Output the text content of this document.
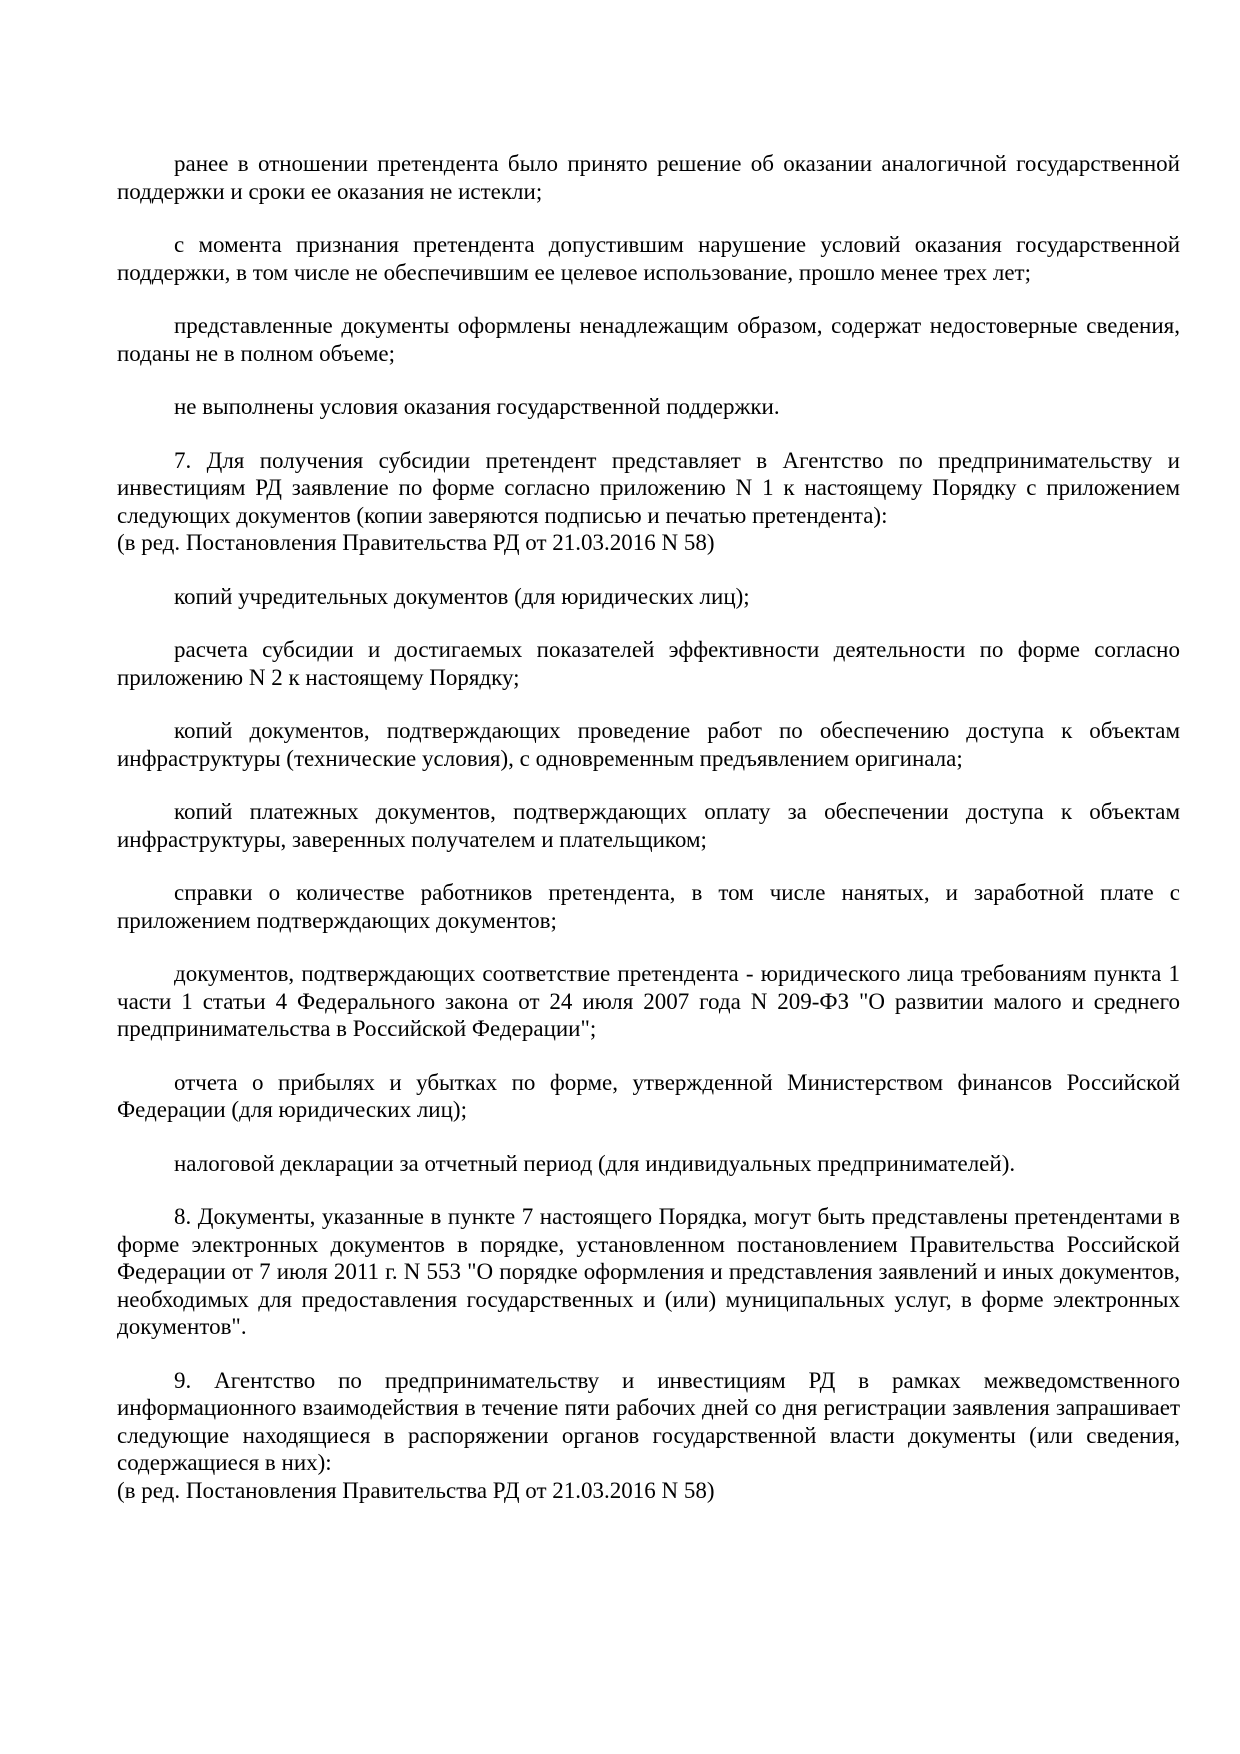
ранее в отношении претендента было принято решение об оказании аналогичной государственной поддержки и сроки ее оказания не истекли;

с момента признания претендента допустившим нарушение условий оказания государственной поддержки, в том числе не обеспечившим ее целевое использование, прошло менее трех лет;

представленные документы оформлены ненадлежащим образом, содержат недостоверные сведения, поданы не в полном объеме;

не выполнены условия оказания государственной поддержки.

7. Для получения субсидии претендент представляет в Агентство по предпринимательству и инвестициям РД заявление по форме согласно приложению N 1 к настоящему Порядку с приложением следующих документов (копии заверяются подписью и печатью претендента):

(в ред. Постановления Правительства РД от 21.03.2016 N 58)

копий учредительных документов (для юридических лиц);

расчета субсидии и достигаемых показателей эффективности деятельности по форме согласно приложению N 2 к настоящему Порядку;

копий документов, подтверждающих проведение работ по обеспечению доступа к объектам инфраструктуры (технические условия), с одновременным предъявлением оригинала;

копий платежных документов, подтверждающих оплату за обеспечении доступа к объектам инфраструктуры, заверенных получателем и плательщиком;

справки о количестве работников претендента, в том числе нанятых, и заработной плате с приложением подтверждающих документов;

документов, подтверждающих соответствие претендента - юридического лица требованиям пункта 1 части 1 статьи 4 Федерального закона от 24 июля 2007 года N 209-ФЗ "О развитии малого и среднего предпринимательства в Российской Федерации";

отчета о прибылях и убытках по форме, утвержденной Министерством финансов Российской Федерации (для юридических лиц);

налоговой декларации за отчетный период (для индивидуальных предпринимателей).

8. Документы, указанные в пункте 7 настоящего Порядка, могут быть представлены претендентами в форме электронных документов в порядке, установленном постановлением Правительства Российской Федерации от 7 июля 2011 г. N 553 "О порядке оформления и представления заявлений и иных документов, необходимых для предоставления государственных и (или) муниципальных услуг, в форме электронных документов".

9. Агентство по предпринимательству и инвестициям РД в рамках межведомственного информационного взаимодействия в течение пяти рабочих дней со дня регистрации заявления запрашивает следующие находящиеся в распоряжении органов государственной власти документы (или сведения, содержащиеся в них):

(в ред. Постановления Правительства РД от 21.03.2016 N 58)
